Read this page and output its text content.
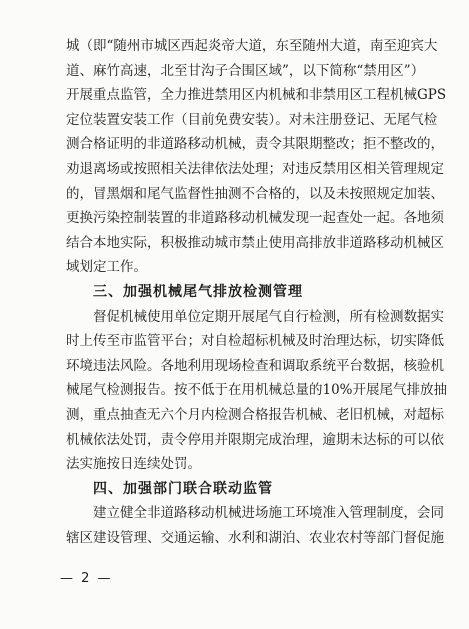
城（即“随州市城区西起炎帝大道，东至随州大道，南至迎宾大
道、麻竹高速，北至甘沟子合围区域”，以下简称“禁用区”）
开展重点监管，全力推进禁用区内机械和非禁用区工程机械GPS
定位装置安装工作（目前免费安装）。对未注册登记、无尾气检
测合格证明的非道路移动机械，责令其限期整改；拒不整改的，
劝退离场或按照相关法律依法处理；对违反禁用区相关管理规定
的，冒黑烟和尾气监督性抽测不合格的，以及未按照规定加装、
更换污染控制装置的非道路移动机械发现一起查处一起。各地须
结合本地实际，积极推动城市禁止使用高排放非道路移动机械区
域划定工作。
三、加强机械尾气排放检测管理
督促机械使用单位定期开展尾气自行检测，所有检测数据实
时上传至市监管平台；对自检超标机械及时治理达标，切实降低
环境违法风险。各地利用现场检查和调取系统平台数据，核验机
械尾气检测报告。按不低于在用机械总量的10%开展尾气排放抽
测，重点抽查无六个月内检测合格报告机械、老旧机械，对超标
机械依法处罚，责令停用并限期完成治理，逾期未达标的可以依
法实施按日连续处罚。
四、加强部门联合联动监管
建立健全非道路移动机械进场施工环境准入管理制度，会同
辖区建设管理、交通运输、水利和湖泊、农业农村等部门督促施
— 2 —
